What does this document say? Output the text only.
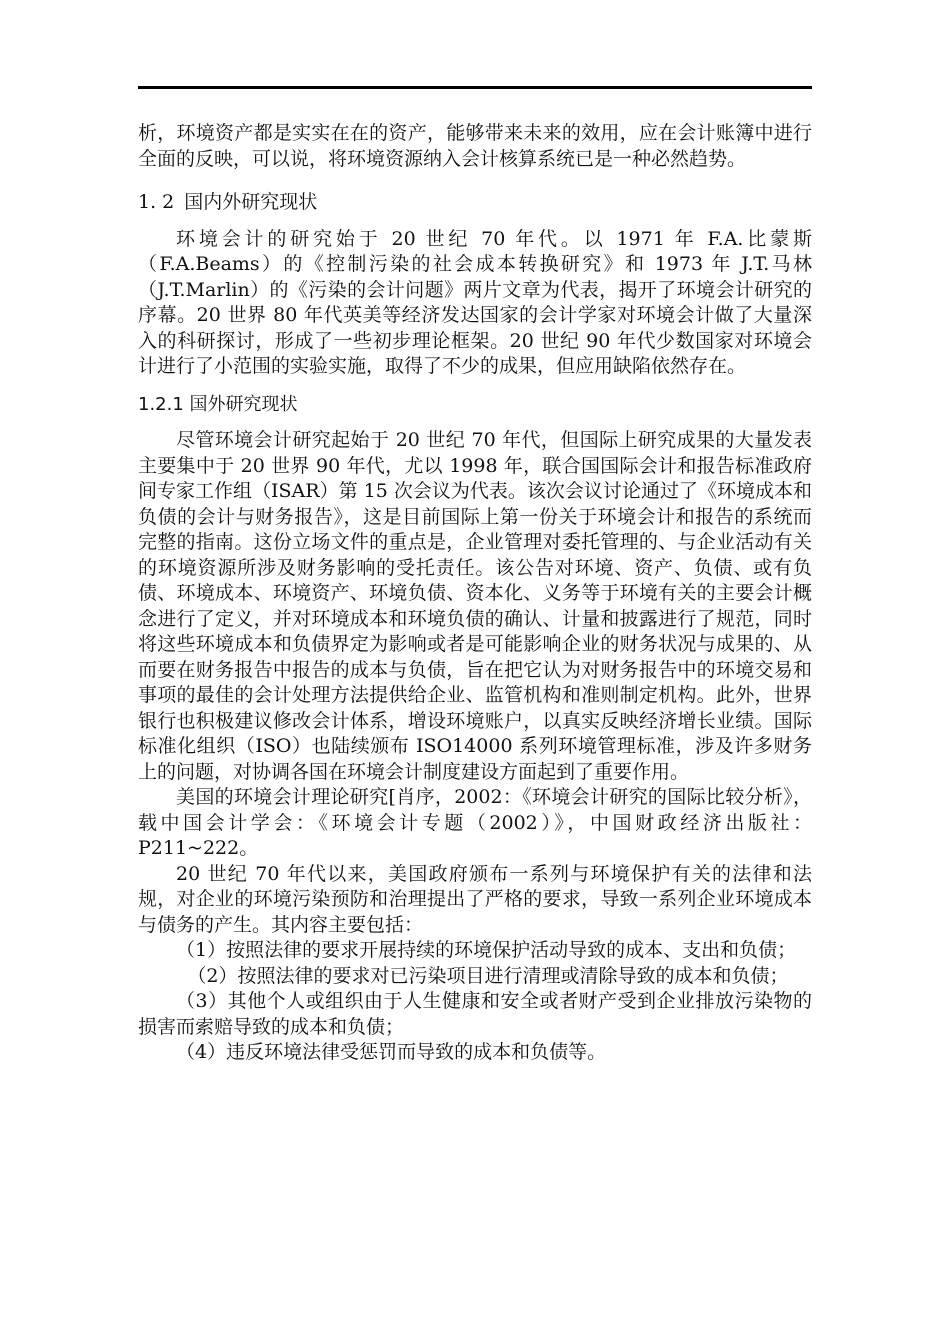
析，环境资产都是实实在在的资产，能够带来未来的效用，应在会计账簿中进行全面的反映，可以说，将环境资源纳入会计核算系统已是一种必然趋势。

1. 2 国内外研究现状

环境会计的研究始于 20 世纪 70 年代。以 1971 年 F.A.比蒙斯（F.A.Beams）的《控制污染的社会成本转换研究》和 1973 年 J.T.马林（J.T.Marlin）的《污染的会计问题》两片文章为代表，揭开了环境会计研究的序幕。20 世界 80 年代英美等经济发达国家的会计学家对环境会计做了大量深入的科研探讨，形成了一些初步理论框架。20 世纪 90 年代少数国家对环境会计进行了小范围的实验实施，取得了不少的成果，但应用缺陷依然存在。

1.2.1 国外研究现状

尽管环境会计研究起始于 20 世纪 70 年代，但国际上研究成果的大量发表主要集中于 20 世界 90 年代，尤以 1998 年，联合国国际会计和报告标准政府间专家工作组（ISAR）第 15 次会议为代表。该次会议讨论通过了《环境成本和负债的会计与财务报告》，这是目前国际上第一份关于环境会计和报告的系统而完整的指南。这份立场文件的重点是，企业管理对委托管理的、与企业活动有关的环境资源所涉及财务影响的受托责任。该公告对环境、资产、负债、或有负债、环境成本、环境资产、环境负债、资本化、义务等于环境有关的主要会计概念进行了定义，并对环境成本和环境负债的确认、计量和披露进行了规范，同时将这些环境成本和负债界定为影响或者是可能影响企业的财务状况与成果的、从而要在财务报告中报告的成本与负债，旨在把它认为对财务报告中的环境交易和事项的最佳的会计处理方法提供给企业、监管机构和准则制定机构。此外，世界银行也积极建议修改会计体系，增设环境账户，以真实反映经济增长业绩。国际标准化组织（ISO）也陆续颁布 ISO14000 系列环境管理标准，涉及许多财务上的问题，对协调各国在环境会计制度建设方面起到了重要作用。

美国的环境会计理论研究[肖序，2002：《环境会计研究的国际比较分析》，载中国会计学会：《环境会计专题（2002）》，中国财政经济出版社：P211~222。

20 世纪 70 年代以来，美国政府颁布一系列与环境保护有关的法律和法规，对企业的环境污染预防和治理提出了严格的要求，导致一系列企业环境成本与债务的产生。其内容主要包括：

（1）按照法律的要求开展持续的环境保护活动导致的成本、支出和负债；

（2）按照法律的要求对已污染项目进行清理或清除导致的成本和负债；

（3）其他个人或组织由于人生健康和安全或者财产受到企业排放污染物的损害而索赔导致的成本和负债；

（4）违反环境法律受惩罚而导致的成本和负债等。
